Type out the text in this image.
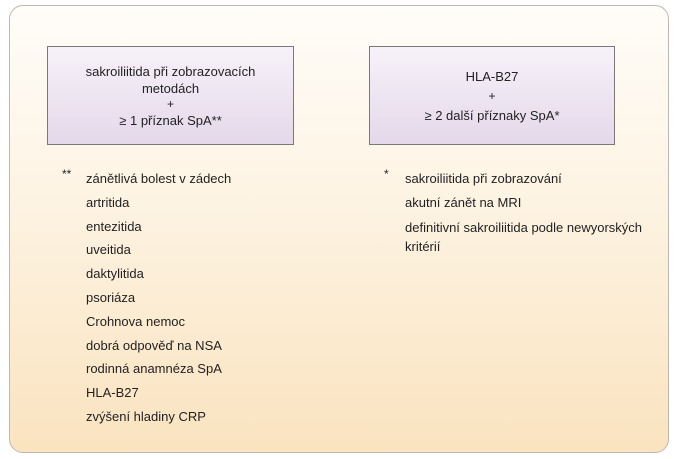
sakroiliitida při zobrazovacích
metodách
+
≥ 1 příznak SpA**
HLA-B27
+
≥ 2 další příznaky SpA*
** zánětlivá bolest v zádech
artritida
entezitida
uveitida
daktylitida
psoriáza
Crohnova nemoc
dobrá odpověď na NSA
rodinná anamnéza SpA
HLA-B27
zvýšení hladiny CRP
* sakroiliitida při zobrazování
akutní zánět na MRI
definitivní sakroiliitida podle newyorských kritérií
